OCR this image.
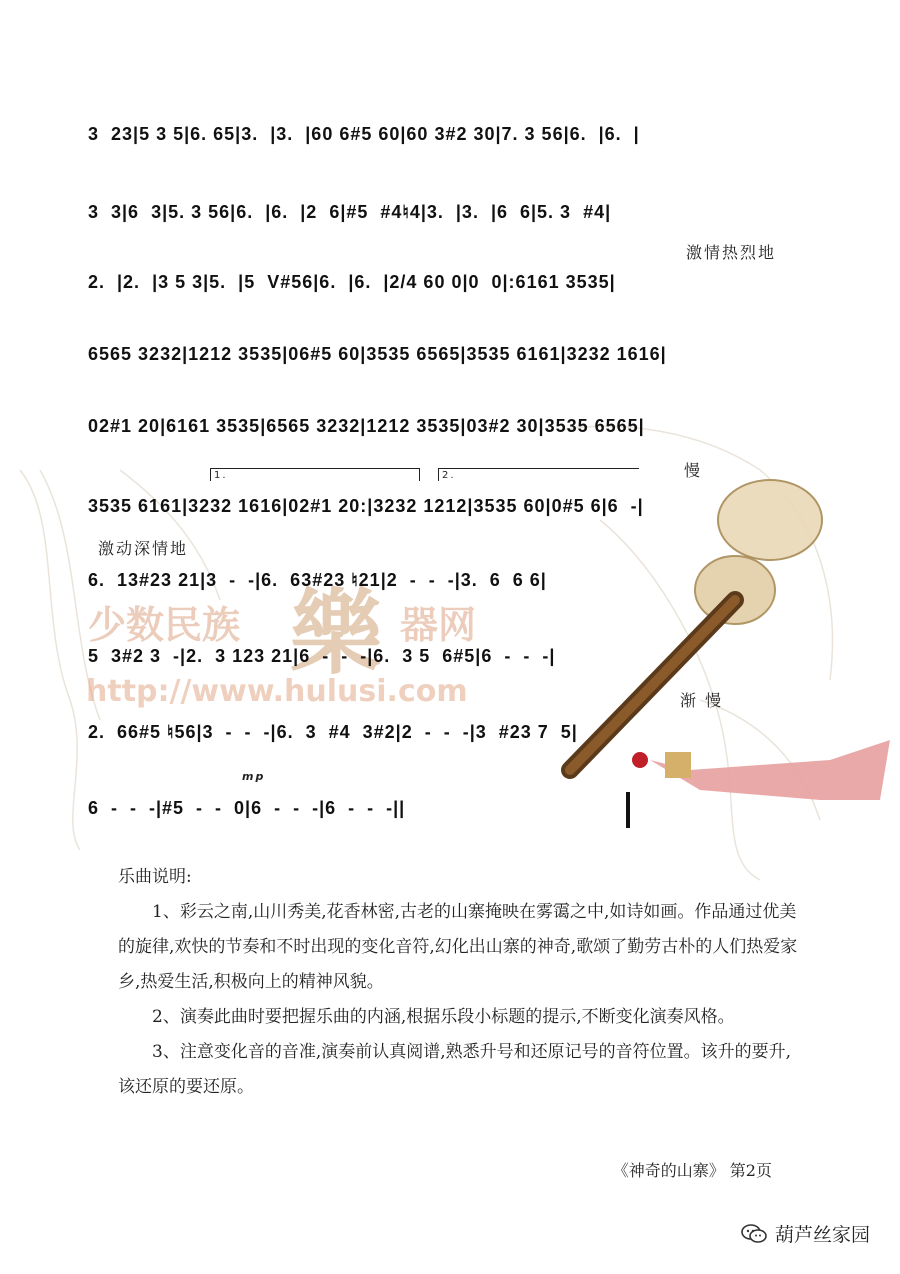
少数民族 樂 器网
http://www.hulusi.com
3  23|5 3 5|6. 65|3.  |3.  |60 6#5 60|60 3#2 30|7. 3 56|6.  |6.  |
3  3|6  3|5. 3 56|6.  |6.  |2  6|#5  #4♮4|3.  |3.  |6  6|5. 3  #4|
激情热烈地
2.  |2.  |3 5 3|5.  |5  V#56|6.  |6.  |2/4 60 0|0  0|:6161 3535|
6565 3232|1212 3535|06#5 60|3535 6565|3535 6161|3232 1616|
02#1 20|6161 3535|6565 3232|1212 3535|03#2 30|3535 6565|
1.	2.	慢
3535 6161|3232 1616|02#1 20:|3232 1212|3535 60|0#5 6|6  -|
激动深情地
6.  13#23 21|3  -  -|6.  63#23 ♮21|2  -  -  -|3.  6  6 6|
5  3#2 3  -|2.  3 123 21|6  -  -  -|6.  3 5  6#5|6  -  -  -|
渐 慢
2.  66#5 ♮56|3  -  -  -|6.  3  #4  3#2|2  -  -  -|3  #23 7  5|
mp
6  -  -  -|#5  -  -  0|6  -  -  -|6  -  -  -||

乐曲说明:

1、彩云之南,山川秀美,花香林密,古老的山寨掩映在雾霭之中,如诗如画。作品通过优美的旋律,欢快的节奏和不时出现的变化音符,幻化出山寨的神奇,歌颂了勤劳古朴的人们热爱家乡,热爱生活,积极向上的精神风貌。

2、演奏此曲时要把握乐曲的内涵,根据乐段小标题的提示,不断变化演奏风格。

3、注意变化音的音准,演奏前认真阅谱,熟悉升号和还原记号的音符位置。该升的要升,该还原的要还原。

《神奇的山寨》 第2页
葫芦丝家园
